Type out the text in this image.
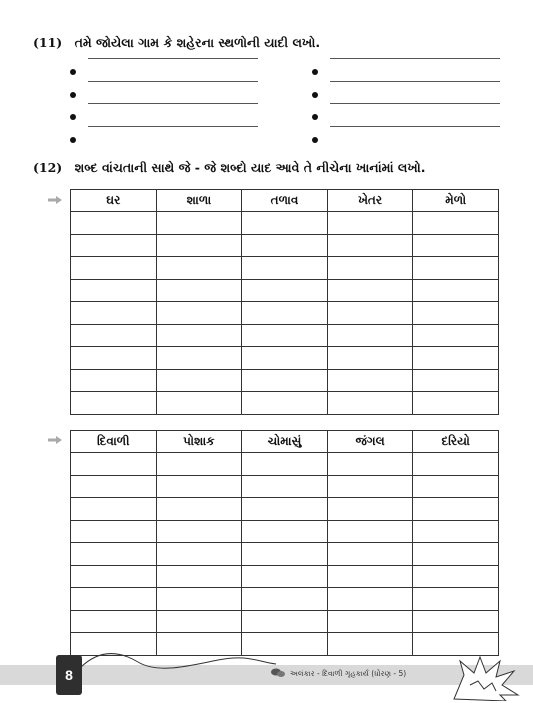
(11) તમે જોયેલા ગામ કે શહેરના સ્થળોની યાદી લખો.
(12) શબ્દ વાંચતાની સાથે જે - જે શબ્દો યાદ આવે તે નીચેના ખાનાંમાં લખો.
ઘર	શાળા	તળાવ	ખેતર	મેળો

દિવાળી	પોશાક	ચોમાસું	જંગલ	દરિયો

8	અલંકાર - દિવાળી ગૃહકાર્ય (ધોરણ - 5)
